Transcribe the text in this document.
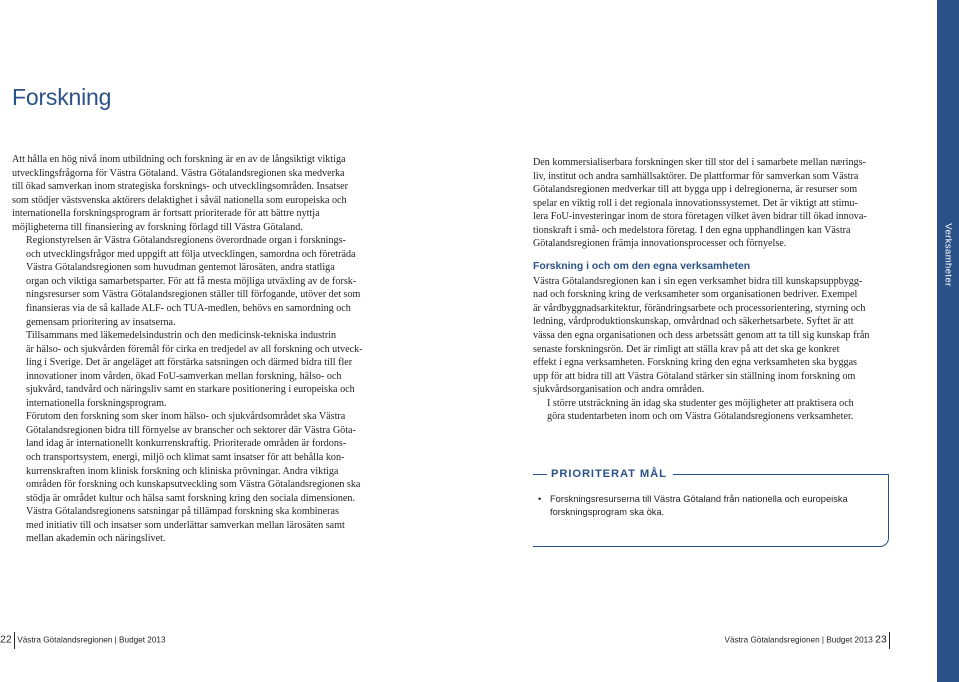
Forskning

Att hålla en hög nivå inom utbildning och forskning är en av de långsiktigt viktiga
utvecklingsfrågorna för Västra Götaland. Västra Götalandsregionen ska medverka
till ökad samverkan inom strategiska forsknings- och utvecklingsområden. Insatser
som stödjer västsvenska aktörers delaktighet i såväl nationella som europeiska och
internationella forskningsprogram är fortsatt prioriterade för att bättre nyttja
möjligheterna till finansiering av forskning förlagd till Västra Götaland.

Regionstyrelsen är Västra Götalandsregionens överordnade organ i forsknings-
och utvecklingsfrågor med uppgift att följa utvecklingen, samordna och företräda
Västra Götalandsregionen som huvudman gentemot lärosäten, andra statliga
organ och viktiga samarbetsparter. För att få mesta möjliga utväxling av de forsk-
ningsresurser som Västra Götalandsregionen ställer till förfogande, utöver det som
finansieras via de så kallade ALF- och TUA-medlen, behövs en samordning och
gemensam prioritering av insatserna.

Tillsammans med läkemedelsindustrin och den medicinsk-tekniska industrin
är hälso- och sjukvården föremål för cirka en tredjedel av all forskning och utveck-
ling i Sverige. Det är angeläget att förstärka satsningen och därmed bidra till fler
innovationer inom vården, ökad FoU-samverkan mellan forskning, hälso- och
sjukvård, tandvård och näringsliv samt en starkare positionering i europeiska och
internationella forskningsprogram.

Förutom den forskning som sker inom hälso- och sjukvårdsområdet ska Västra
Götalandsregionen bidra till förnyelse av branscher och sektorer där Västra Göta-
land idag är internationellt konkurrenskraftig. Prioriterade områden är fordons-
och transportsystem, energi, miljö och klimat samt insatser för att behålla kon-
kurrenskraften inom klinisk forskning och kliniska prövningar. Andra viktiga
områden för forskning och kunskapsutveckling som Västra Götalandsregionen ska
stödja är området kultur och hälsa samt forskning kring den sociala dimensionen.

Västra Götalandsregionens satsningar på tillämpad forskning ska kombineras
med initiativ till och insatser som underlättar samverkan mellan lärosäten samt
mellan akademin och näringslivet.

Den kommersialiserbara forskningen sker till stor del i samarbete mellan nærings-
liv, institut och andra samhällsaktörer. De plattformar för samverkan som Västra
Götalandsregionen medverkar till att bygga upp i delregionerna, är resurser som
spelar en viktig roll i det regionala innovationssystemet. Det är viktigt att stimu-
lera FoU-investeringar inom de stora företagen vilket även bidrar till ökad innova-
tionskraft i små- och medelstora företag. I den egna upphandlingen kan Västra
Götalandsregionen främja innovationsprocesser och förnyelse.

Forskning i och om den egna verksamheten

Västra Götalandsregionen kan i sin egen verksamhet bidra till kunskapsuppbygg-
nad och forskning kring de verksamheter som organisationen bedriver. Exempel
är vårdbyggnadsarkitektur, förändringsarbete och processorientering, styrning och
ledning, vårdproduktionskunskap, omvårdnad och säkerhetsarbete. Syftet är att
vässa den egna organisationen och dess arbetssätt genom att ta till sig kunskap från
senaste forskningsrön. Det är rimligt att ställa krav på att det ska ge konkret
effekt i egna verksamheten. Forskning kring den egna verksamheten ska byggas
upp för att bidra till att Västra Götaland stärker sin ställning inom forskning om
sjukvårdsorganisation och andra områden.

I större utsträckning än idag ska studenter ges möjligheter att praktisera och
göra studentarbeten inom och om Västra Götalandsregionens verksamheter.

PRIORITERAT MÅL
• Forskningsresurserna till Västra Götaland från nationella och europeiska
forskningsprogram ska öka.
Verksamheter
22 Västra Götalandsregionen | Budget 2013	Västra Götalandsregionen | Budget 2013 23
